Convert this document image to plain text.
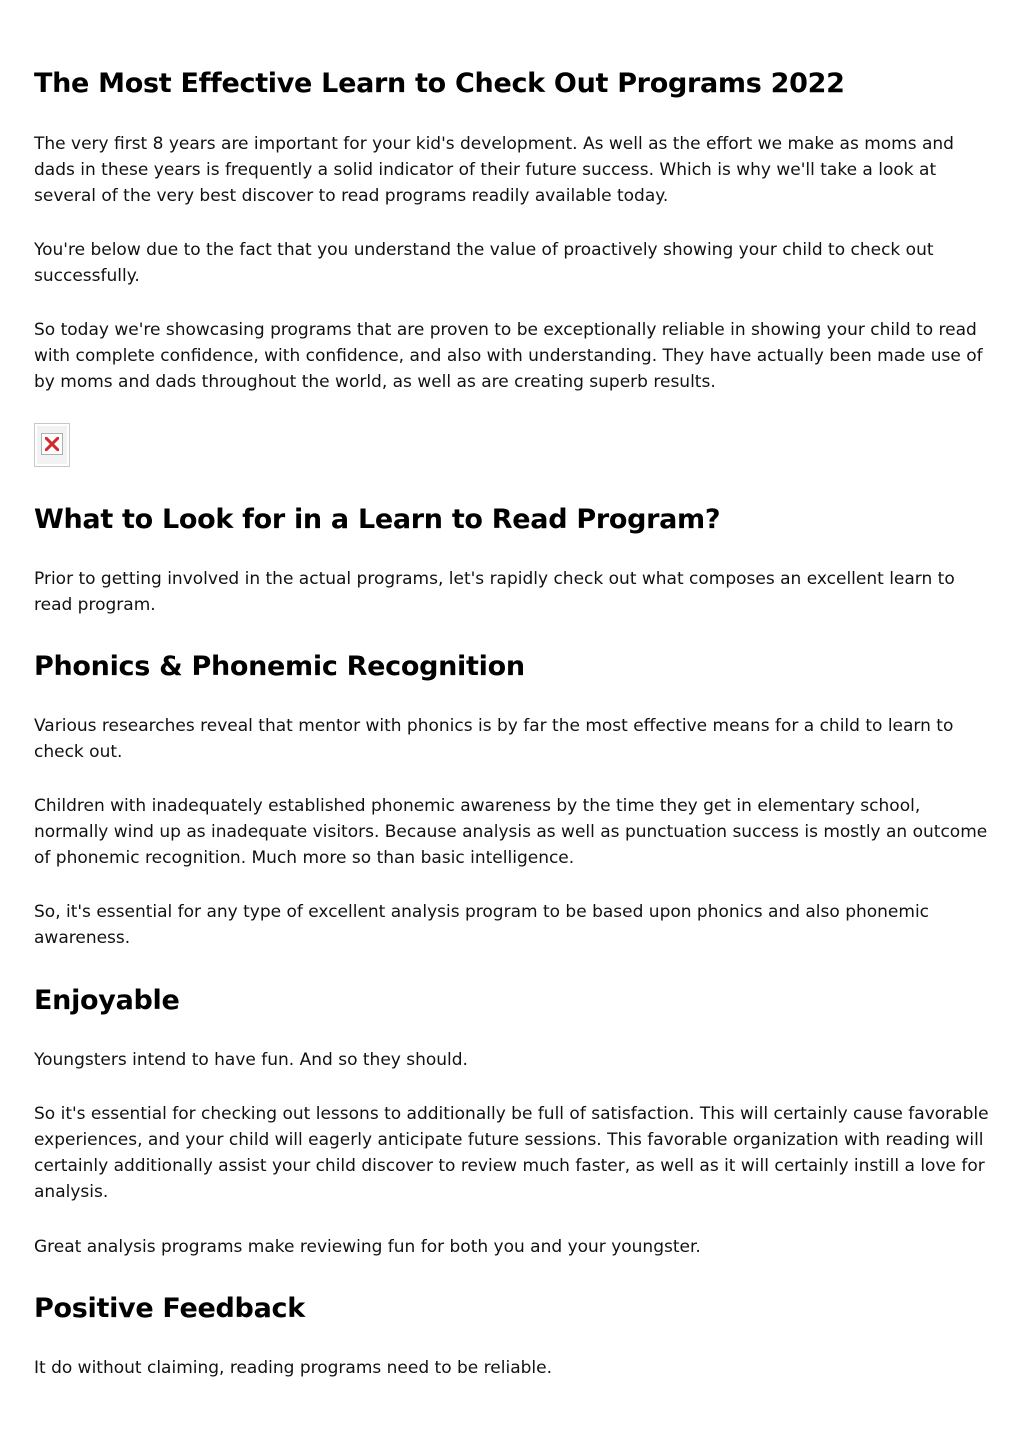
The Most Effective Learn to Check Out Programs 2022

The very first 8 years are important for your kid's development. As well as the effort we make as moms and dads in these years is frequently a solid indicator of their future success. Which is why we'll take a look at several of the very best discover to read programs readily available today.

You're below due to the fact that you understand the value of proactively showing your child to check out successfully.

So today we're showcasing programs that are proven to be exceptionally reliable in showing your child to read with complete confidence, with confidence, and also with understanding. They have actually been made use of by moms and dads throughout the world, as well as are creating superb results.

What to Look for in a Learn to Read Program?

Prior to getting involved in the actual programs, let's rapidly check out what composes an excellent learn to read program.

Phonics & Phonemic Recognition

Various researches reveal that mentor with phonics is by far the most effective means for a child to learn to check out.

Children with inadequately established phonemic awareness by the time they get in elementary school, normally wind up as inadequate visitors. Because analysis as well as punctuation success is mostly an outcome of phonemic recognition. Much more so than basic intelligence.

So, it's essential for any type of excellent analysis program to be based upon phonics and also phonemic awareness.

Enjoyable

Youngsters intend to have fun. And so they should.

So it's essential for checking out lessons to additionally be full of satisfaction. This will certainly cause favorable experiences, and your child will eagerly anticipate future sessions. This favorable organization with reading will certainly additionally assist your child discover to review much faster, as well as it will certainly instill a love for analysis.

Great analysis programs make reviewing fun for both you and your youngster.

Positive Feedback

It do without claiming, reading programs need to be reliable.
